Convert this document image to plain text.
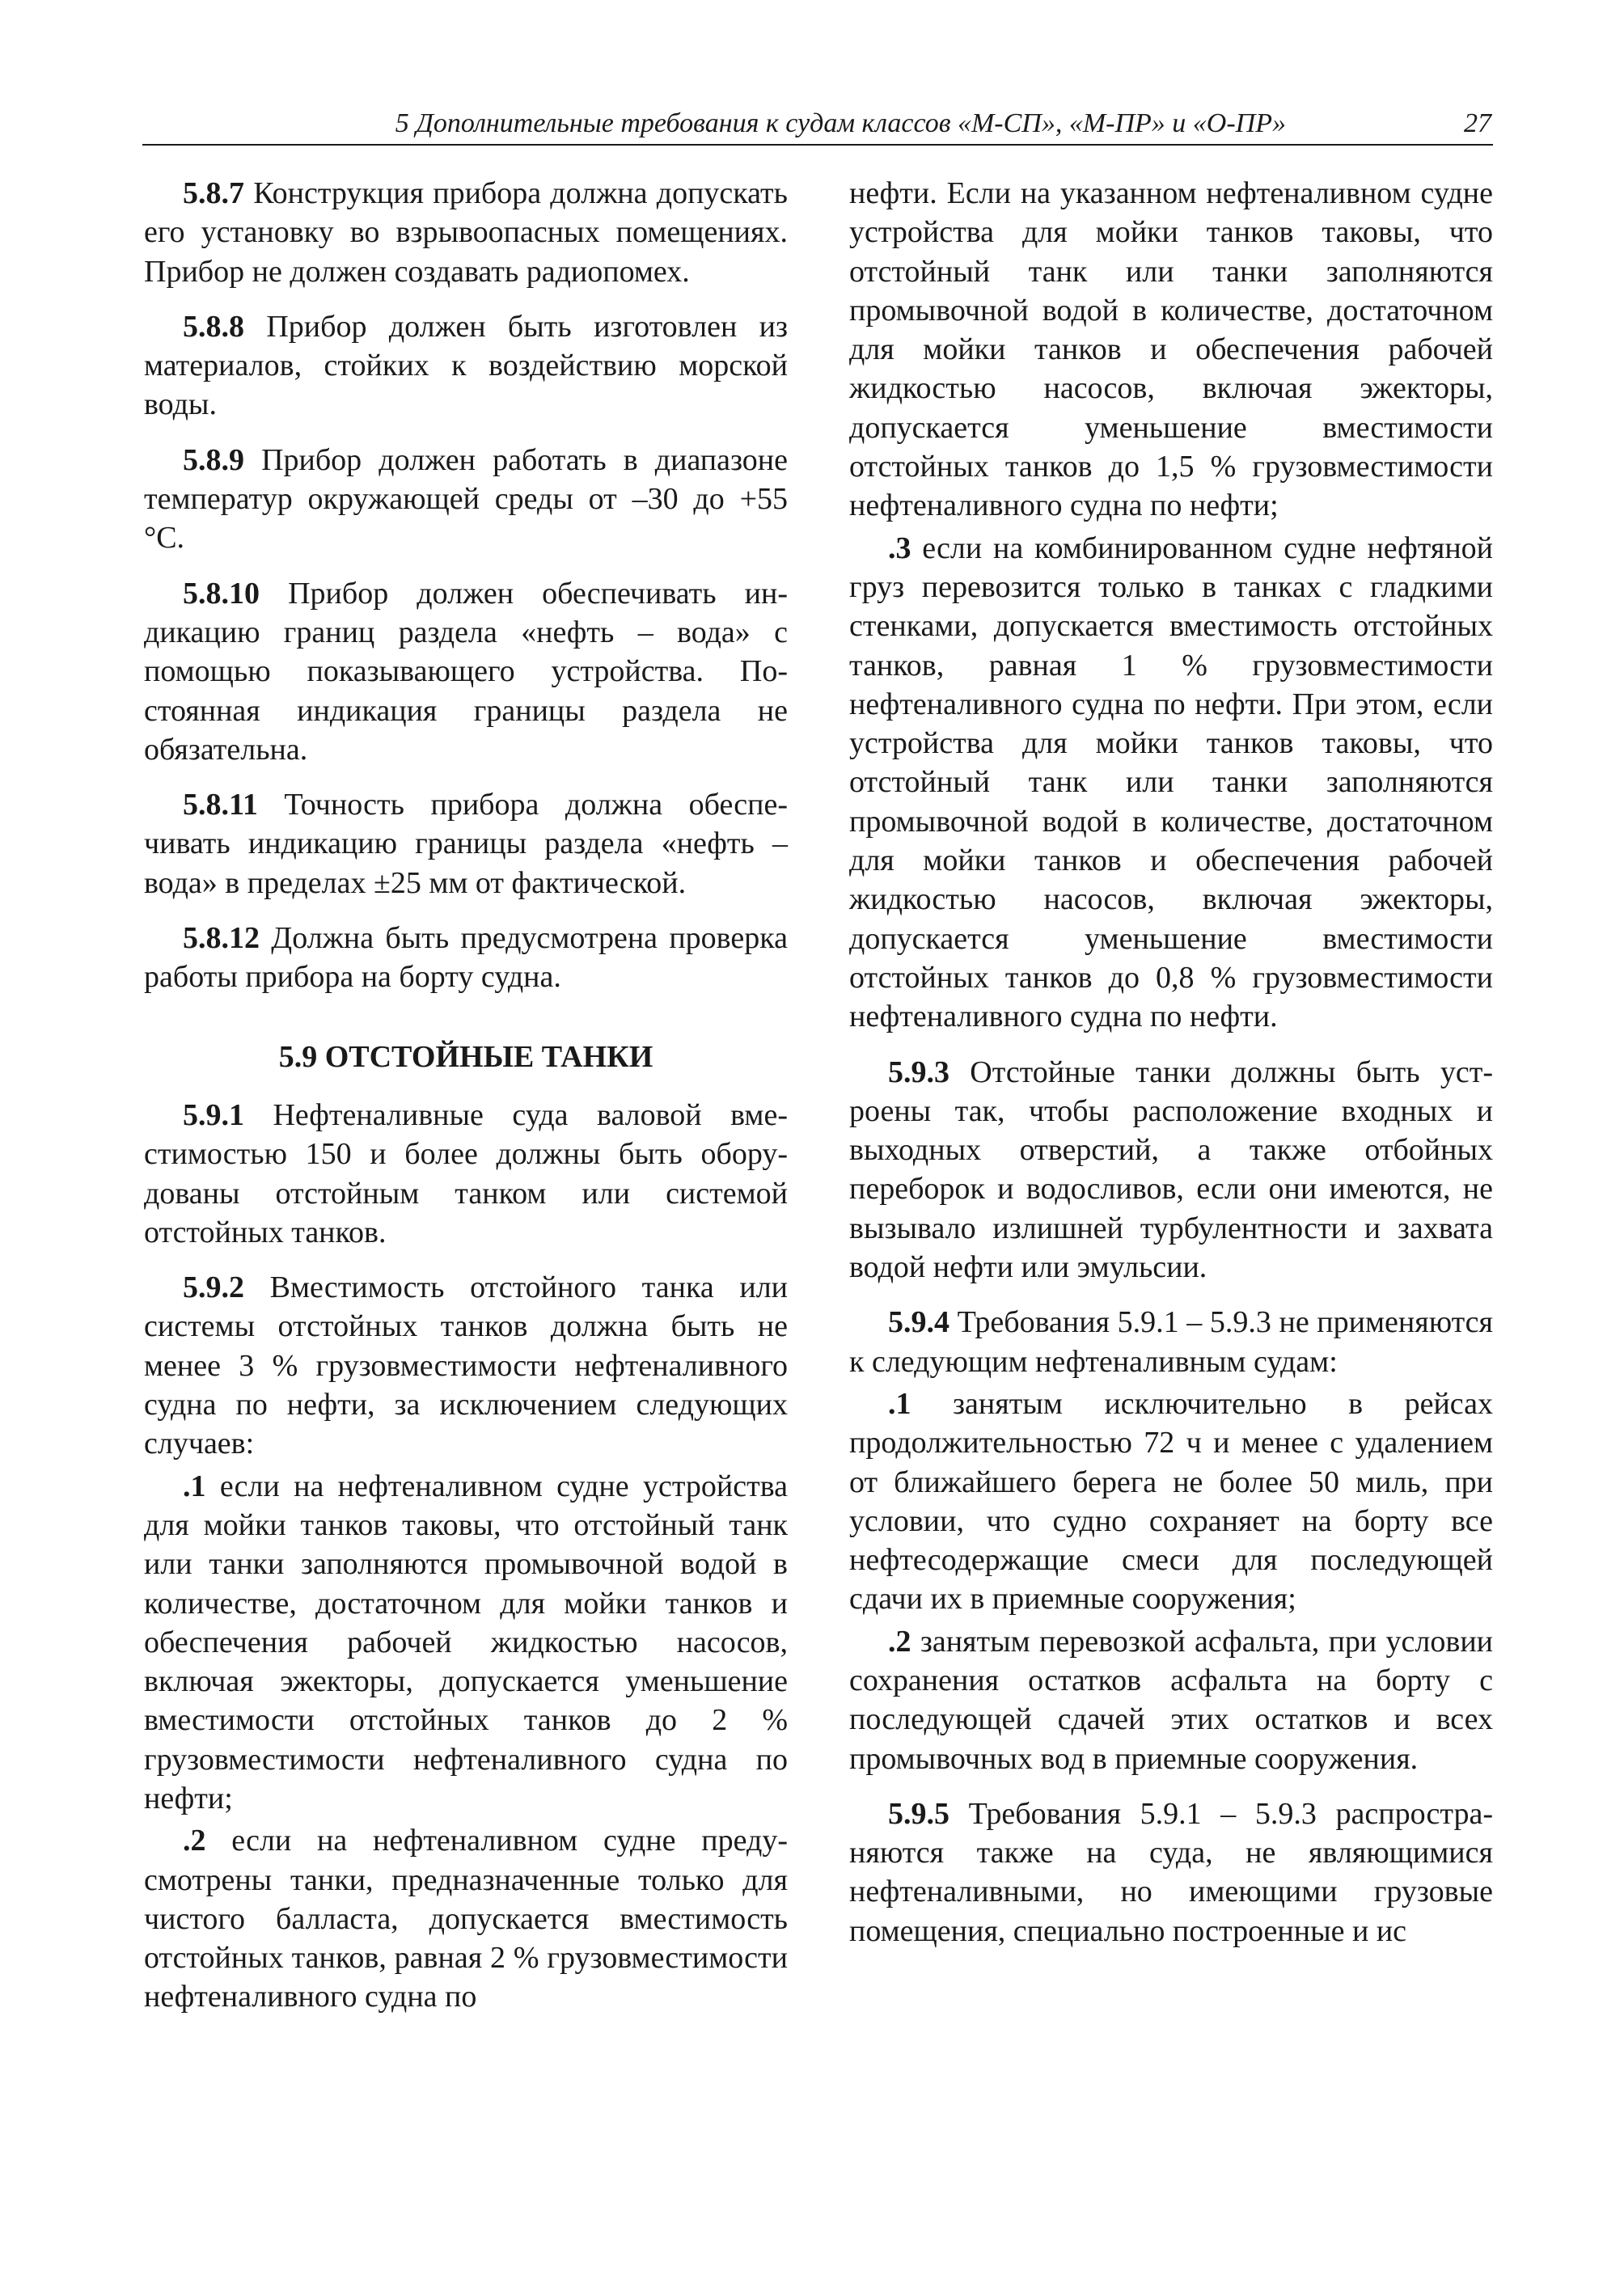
5 Дополнительные требования к судам классов «М-СП», «М-ПР» и «О-ПР»	27

5.8.7 Конструкция прибора должна допускать его установку во взрывоопасных помещениях. Прибор не должен создавать радиопомех.

5.8.8 Прибор должен быть изготовлен из материалов, стойких к воздействию морской воды.

5.8.9 Прибор должен работать в диапазоне температур окружающей среды от –30 до +55 °С.

5.8.10 Прибор должен обеспечивать индикацию границ раздела «нефть – вода» с помощью показывающего устройства. Постоянная индикация границы раздела не обязательна.

5.8.11 Точность прибора должна обеспечивать индикацию границы раздела «нефть – вода» в пределах ±25 мм от фактической.

5.8.12 Должна быть предусмотрена проверка работы прибора на борту судна.

5.9 ОТСТОЙНЫЕ ТАНКИ

5.9.1 Нефтеналивные суда валовой вместимостью 150 и более должны быть оборудованы отстойным танком или системой отстойных танков.

5.9.2 Вместимость отстойного танка или системы отстойных танков должна быть не менее 3 % грузовместимости нефтеналивного судна по нефти, за исключением следующих случаев:

.1 если на нефтеналивном судне устройства для мойки танков таковы, что отстойный танк или танки заполняются промывочной водой в количестве, достаточном для мойки танков и обеспечения рабочей жидкостью насосов, включая эжекторы, допускается уменьшение вместимости отстойных танков до 2 % грузовместимости нефтеналивного судна по нефти;

.2 если на нефтеналивном судне предусмотрены танки, предназначенные только для чистого балласта, допускается вместимость отстойных танков, равная 2 % грузовместимости нефтеналивного судна по

нефти. Если на указанном нефтеналивном судне устройства для мойки танков таковы, что отстойный танк или танки заполняются промывочной водой в количестве, достаточном для мойки танков и обеспечения рабочей жидкостью насосов, включая эжекторы, допускается уменьшение вместимости отстойных танков до 1,5 % грузовместимости нефтеналивного судна по нефти;

.3 если на комбинированном судне нефтяной груз перевозится только в танках с гладкими стенками, допускается вместимость отстойных танков, равная 1 % грузовместимости нефтеналивного судна по нефти. При этом, если устройства для мойки танков таковы, что отстойный танк или танки заполняются промывочной водой в количестве, достаточном для мойки танков и обеспечения рабочей жидкостью насосов, включая эжекторы, допускается уменьшение вместимости отстойных танков до 0,8 % грузовместимости нефтеналивного судна по нефти.

5.9.3 Отстойные танки должны быть устроены так, чтобы расположение входных и выходных отверстий, а также отбойных переборок и водосливов, если они имеются, не вызывало излишней турбулентности и захвата водой нефти или эмульсии.

5.9.4 Требования 5.9.1 – 5.9.3 не применяются к следующим нефтеналивным судам:

.1 занятым исключительно в рейсах продолжительностью 72 ч и менее с удалением от ближайшего берега не более 50 миль, при условии, что судно сохраняет на борту все нефтесодержащие смеси для последующей сдачи их в приемные сооружения;

.2 занятым перевозкой асфальта, при условии сохранения остатков асфальта на борту с последующей сдачей этих остатков и всех промывочных вод в приемные сооружения.

5.9.5 Требования 5.9.1 – 5.9.3 распространяются также на суда, не являющимися нефтеналивными, но имеющими грузовые помещения, специально построенные и ис
